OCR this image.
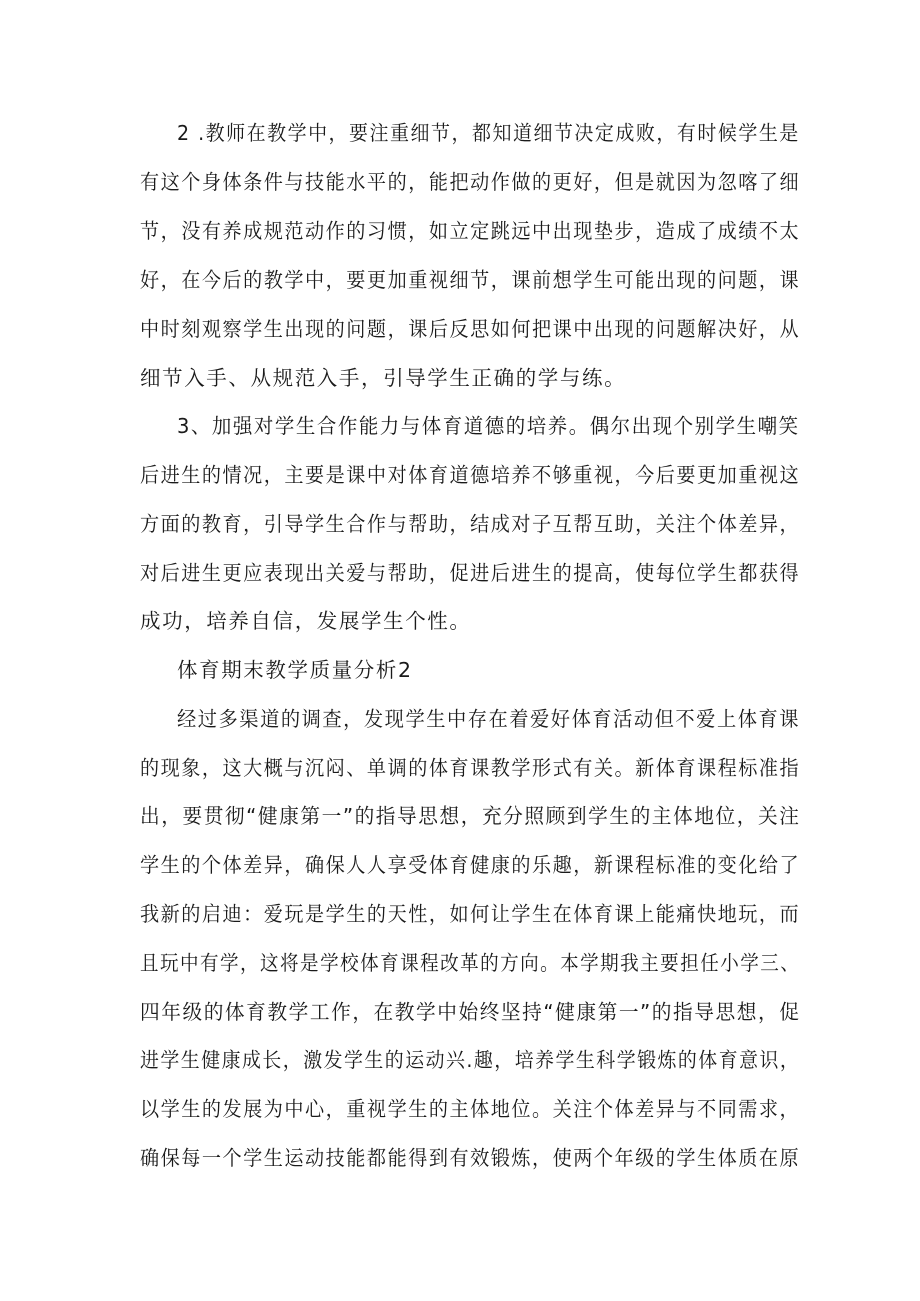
2 .教师在教学中，要注重细节，都知道细节决定成败，有时候学生是
有这个身体条件与技能水平的，能把动作做的更好，但是就因为忽喀了细
节，没有养成规范动作的习惯，如立定跳远中出现垫步，造成了成绩不太
好，在今后的教学中，要更加重视细节，课前想学生可能出现的问题，课
中时刻观察学生出现的问题，课后反思如何把课中出现的问题解决好，从
细节入手、从规范入手，引导学生正确的学与练。
3、加强对学生合作能力与体育道德的培养。偶尔出现个别学生嘲笑
后进生的情况，主要是课中对体育道德培养不够重视，今后要更加重视这
方面的教育，引导学生合作与帮助，结成对子互帮互助，关注个体差异，
对后进生更应表现出关爱与帮助，促进后进生的提高，使每位学生都获得
成功，培养自信，发展学生个性。
体育期末教学质量分析2
经过多渠道的调查，发现学生中存在着爱好体育活动但不爱上体育课
的现象，这大概与沉闷、单调的体育课教学形式有关。新体育课程标准指
出，要贯彻“健康第一”的指导思想，充分照顾到学生的主体地位，关注
学生的个体差异，确保人人享受体育健康的乐趣，新课程标准的变化给了
我新的启迪：爱玩是学生的天性，如何让学生在体育课上能痛快地玩，而
且玩中有学，这将是学校体育课程改革的方向。本学期我主要担任小学三、
四年级的体育教学工作，在教学中始终坚持“健康第一”的指导思想，促
进学生健康成长，激发学生的运动兴.趣，培养学生科学锻炼的体育意识，
以学生的发展为中心，重视学生的主体地位。关注个体差异与不同需求，
确保每一个学生运动技能都能得到有效锻炼，使两个年级的学生体质在原
